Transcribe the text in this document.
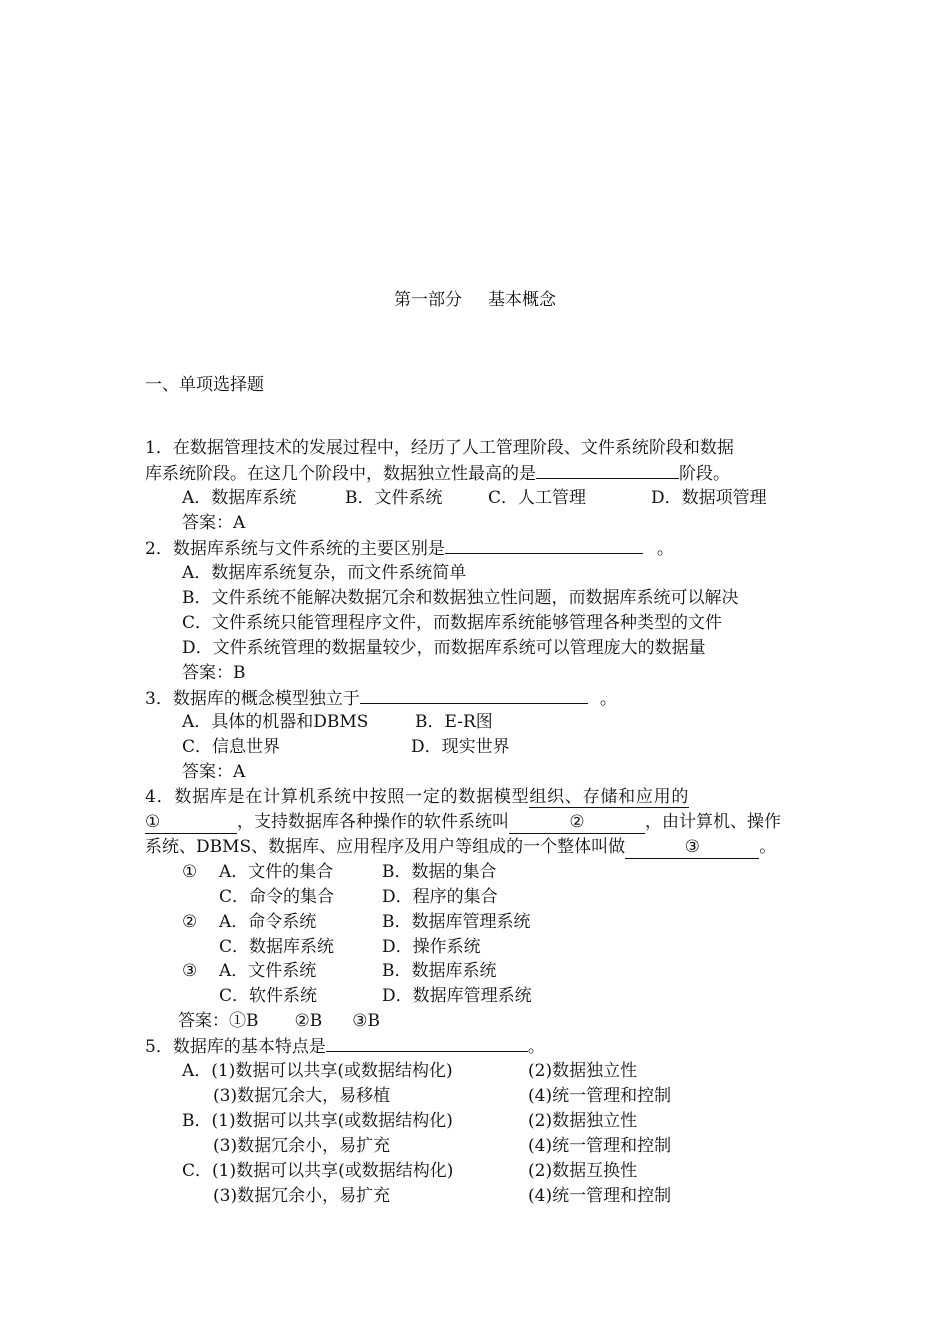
第一部分 基本概念
一、单项选择题
1．在数据管理技术的发展过程中，经历了人工管理阶段、文件系统阶段和数据
库系统阶段。在这几个阶段中，数据独立性最高的是	阶段。
A．数据库系统	B．文件系统	C．人工管理	D．数据项管理
答案：A
2．数据库系统与文件系统的主要区别是	。
A．数据库系统复杂，而文件系统简单
B．文件系统不能解决数据冗余和数据独立性问题，而数据库系统可以解决
C．文件系统只能管理程序文件，而数据库系统能够管理各种类型的文件
D．文件系统管理的数据量较少，而数据库系统可以管理庞大的数据量
答案：B
3．数据库的概念模型独立于	。
A．具体的机器和DBMS	B．E-R图
C．信息世界	D．现实世界
答案：A
4．数据库是在计算机系统中按照一定的数据模型组织、存储和应用的
①	，支持数据库各种操作的软件系统叫	②	，由计算机、操作
系统、DBMS、数据库、应用程序及用户等组成的一个整体叫做	③	。
① A．文件的集合	B．数据的集合
C．命令的集合	D．程序的集合
② A．命令系统	B．数据库管理系统
C．数据库系统	D．操作系统
③ A．文件系统	B．数据库系统
C．软件系统	D．数据库管理系统
答案：①B ②B ③B
5．数据库的基本特点是	。
A．(1)数据可以共享(或数据结构化)	(2)数据独立性
(3)数据冗余大，易移植	(4)统一管理和控制
B．(1)数据可以共享(或数据结构化)	(2)数据独立性
(3)数据冗余小，易扩充	(4)统一管理和控制
C．(1)数据可以共享(或数据结构化)	(2)数据互换性
(3)数据冗余小，易扩充	(4)统一管理和控制
